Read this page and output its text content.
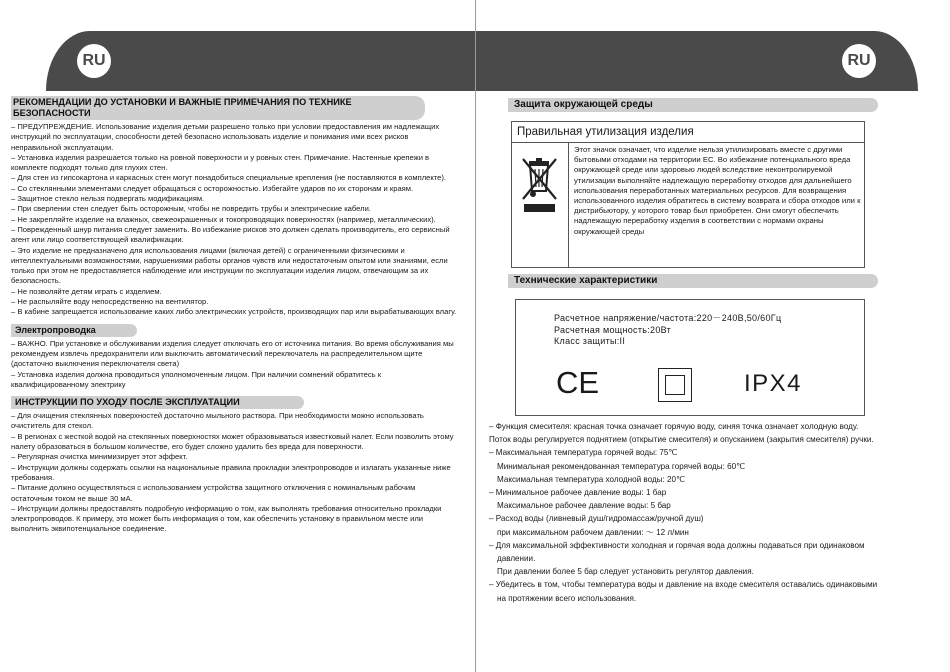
RU	RU
РЕКОМЕНДАЦИИ ДО УСТАНОВКИ И ВАЖНЫЕ ПРИМЕЧАНИЯ ПО ТЕХНИКЕ БЕЗОПАСНОСТИ

– ПРЕДУПРЕЖДЕНИЕ. Использование изделия детьми разрешено только при условии предоставления им надлежащих инструкций по эксплуатации, способности детей безопасно использовать изделие и понимания ими всех рисков неправильной эксплуатации.

– Установка изделия разрешается только на ровной поверхности и у ровных стен. Примечание. Настенные крепежи в комплекте подходят только для глухих стен.

– Для стен из гипсокартона и каркасных стен могут понадобиться специальные крепления (не поставляются в комплекте).

– Со стеклянными элементами следует обращаться с осторожностью. Избегайте ударов по их сторонам и краям.

– Защитное стекло нельзя подвергать модификациям.

– При сверлении стен следует быть осторожным, чтобы не повредить трубы и электрические кабели.

– Не закрепляйте изделие на влажных, свежеокрашенных и токопроводящих поверхностях (например, металлических).

– Поврежденный шнур питания следует заменить. Во избежание рисков это должен сделать производитель, его сервисный агент или лицо соответствующей квалификации.

– Это изделие не предназначено для использования лицами (включая детей) с ограниченными физическими и интеллектуальными возможностями, нарушениями работы органов чувств или недостаточным опытом или знаниями, если только при этом не предоставляется наблюдение или инструкции по эксплуатации изделия лицом, отвечающим за их безопасность.

– Не позволяйте детям играть с изделием.

– Не распыляйте воду непосредственно на вентилятор.

– В кабине запрещается использование каких либо электрических устройств, производящих пар или вырабатывающих влагу.

Электропроводка

– ВАЖНО. При установке и обслуживании изделия следует отключать его от источника питания. Во время обслуживания мы рекомендуем извлечь предохранители или выключить автоматический переключатель на распределительном щите (достаточно выключения переключателя света)

– Установка изделия должна проводиться уполномоченным лицом. При наличии сомнений обратитесь к квалифицированному электрику

ИНСТРУКЦИИ ПО УХОДУ ПОСЛЕ ЭКСПЛУАТАЦИИ

– Для очищения стеклянных поверхностей достаточно мыльного раствора. При необходимости можно использовать очиститель для стекол.

– В регионах с жесткой водой на стеклянных поверхностях может образовываться известковый налет. Если позволить этому налету образоваться в большом количестве, его будет сложно удалить без вреда для поверхности.

– Регулярная очистка минимизирует этот эффект.

– Инструкции должны содержать ссылки на национальные правила прокладки электропроводов и излагать указанные ниже требования.

– Питание должно осуществляться с использованием устройства защитного отключения с номинальным рабочим остаточным током не выше 30 мА.

– Инструкции должны предоставлять подробную информацию о том, как выполнять требования относительно прокладки электропроводов. К примеру, это может быть информация о том, как обеспечить установку в правильном месте или выполнить эквипотенциальное соединение.

Защита окружающей среды
Правильная утилизация изделия
Этот значок означает, что изделие нельзя утилизировать вместе с другими бытовыми отходами на территории ЕС. Во избежание потенциального вреда окружающей среде или здоровью людей вследствие неконтролируемой утилизации выполняйте надлежащую переработку отходов для дальнейшего использования переработанных материальных ресурсов. Для возвращения использованного изделия обратитесь в систему возврата и сбора отходов или к дистрибьютору, у которого товар был приобретен. Они смогут обеспечить надлежащую переработку изделия в соответствии с нормами охраны окружающей среды
Технические характеристики
Расчетное напряжение/частота:220－240В,50/60Гц
Расчетная мощность:20Вт
Класс защиты:II
CE	IPX4

– Функция смесителя: красная точка означает горячую воду, синяя точка означает холодную воду.

Поток воды регулируется поднятием (открытие смесителя) и опусканием (закрытия смесителя) ручки.

– Максимальная температура горячей воды: 75℃

Минимальная рекомендованная температура горячей воды: 60℃

Максимальная температура холодной воды: 20℃

– Минимальное рабочее давление воды: 1 бар

Максимальное рабочее давление воды: 5 бар

– Расход воды (ливневый душ/гидромассаж/ручной душ)

при максимальном рабочем давлении: ～ 12 л/мин

– Для максимальной эффективности холодная и горячая вода должны подаваться при одинаковом

давлении.

При давлении более 5 бар следует установить регулятор давления.

– Убедитесь в том, чтобы температура воды и давление на входе смесителя оставались одинаковыми

на протяжении всего использования.
